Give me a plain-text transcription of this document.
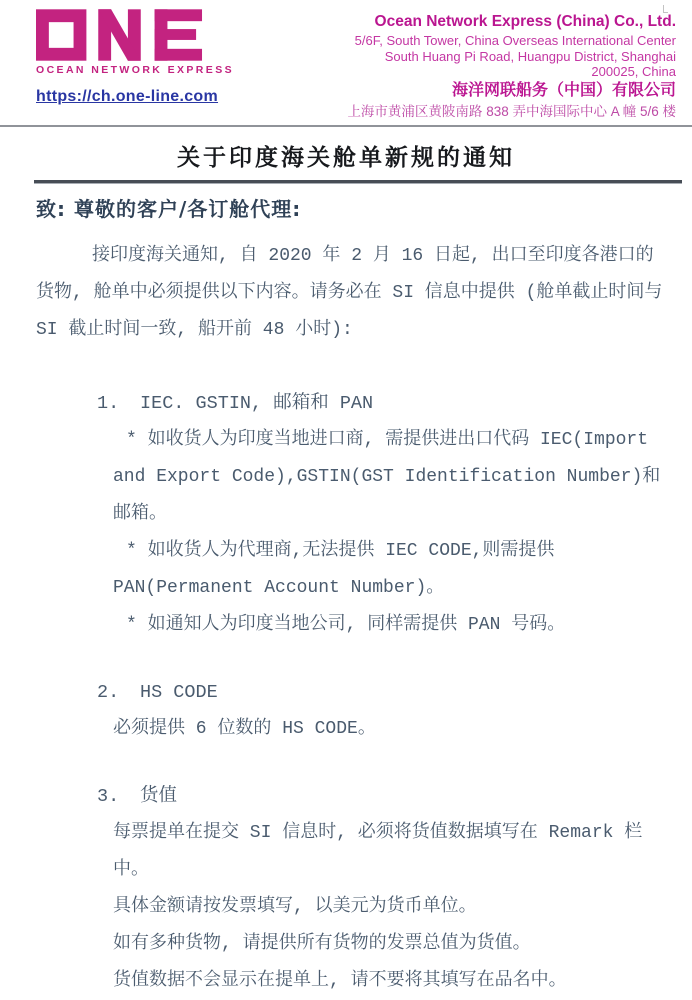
OCEAN NETWORK EXPRESS
https://ch.one-line.com
Ocean Network Express (China) Co., Ltd.
5/6F, South Tower, China Overseas International Center
South Huang Pi Road, Huangpu District, Shanghai
200025, China
海洋网联船务（中国）有限公司
上海市黄浦区黄陂南路 838 弄中海国际中心 A 幢 5/6 楼
关于印度海关舱单新规的通知
致: 尊敬的客户/各订舱代理:

接印度海关通知, 自 2020 年 2 月 16 日起, 出口至印度各港口的货物, 舱单中必须提供以下内容。请务必在 SI 信息中提供 (舱单截止时间与 SI 截止时间一致, 船开前 48 小时):

1.	IEC. GSTIN, 邮箱和 PAN

* 如收货人为印度当地进口商, 需提供进出口代码 IEC(Import and Export Code),GSTIN(GST Identification Number)和邮箱。

* 如收货人为代理商,无法提供 IEC CODE,则需提供 PAN(Permanent Account Number)。

* 如通知人为印度当地公司, 同样需提供 PAN 号码。

2.	HS CODE

必须提供 6 位数的 HS CODE。

3.	货值

每票提单在提交 SI 信息时, 必须将货值数据填写在 Remark 栏中。

具体金额请按发票填写, 以美元为货币单位。

如有多种货物, 请提供所有货物的发票总值为货值。

货值数据不会显示在提单上, 请不要将其填写在品名中。
